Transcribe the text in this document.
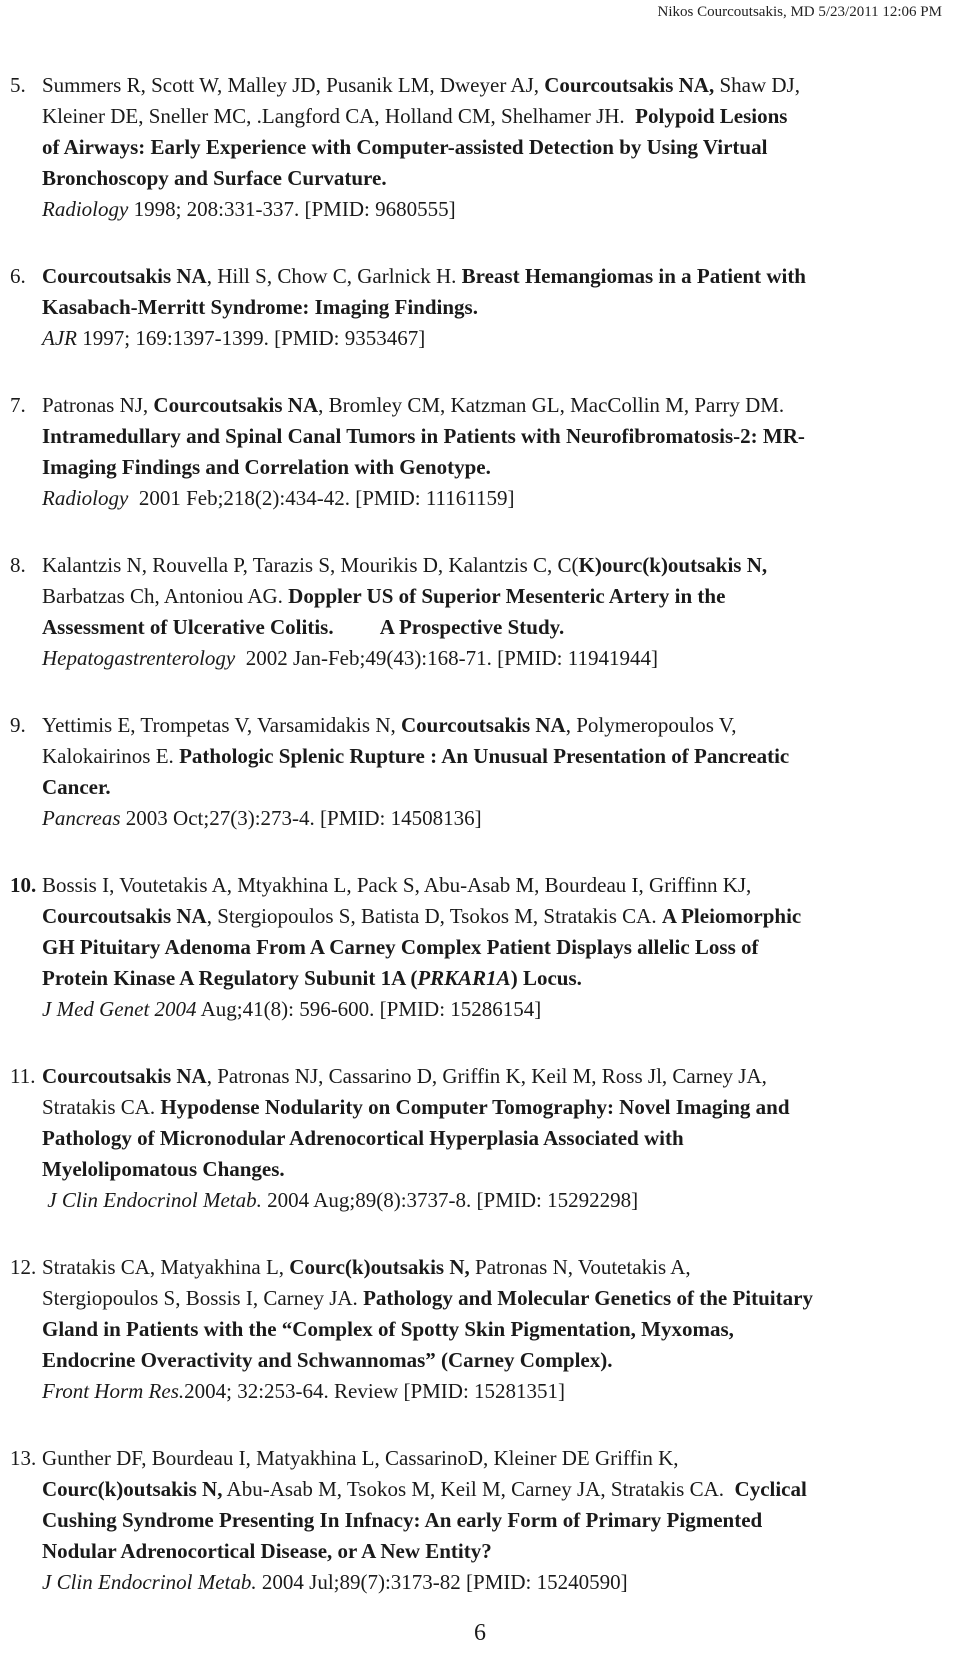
Nikos Courcoutsakis, MD 5/23/2011 12:06 PM
5. Summers R, Scott W, Malley JD, Pusanik LM, Dweyer AJ, Courcoutsakis NA, Shaw DJ,
Kleiner DE, Sneller MC, .Langford CA, Holland CM, Shelhamer JH.  Polypoid Lesions
of Airways: Early Experience with Computer-assisted Detection by Using Virtual
Bronchoscopy and Surface Curvature.
Radiology 1998; 208:331-337. [PMID: 9680555]
6. Courcoutsakis NA, Hill S, Chow C, Garlnick H. Breast Hemangiomas in a Patient with
Kasabach-Merritt Syndrome: Imaging Findings.
AJR 1997; 169:1397-1399. [PMID: 9353467]
7. Patronas NJ, Courcoutsakis NA, Bromley CM, Katzman GL, MacCollin M, Parry DM.
Intramedullary and Spinal Canal Tumors in Patients with Neurofibromatosis-2: MR-
Imaging Findings and Correlation with Genotype.
Radiology  2001 Feb;218(2):434-42. [PMID: 11161159]
8. Kalantzis N, Rouvella P, Tarazis S, Mourikis D, Kalantzis C, C(K)ourc(k)outsakis N,
Barbatzas Ch, Antoniou AG. Doppler US of Superior Mesenteric Artery in the
Assessment of Ulcerative Colitis.         A Prospective Study.
Hepatogastrenterology  2002 Jan-Feb;49(43):168-71. [PMID: 11941944]
9. Yettimis E, Trompetas V, Varsamidakis N, Courcoutsakis NA, Polymeropoulos V,
Kalokairinos E. Pathologic Splenic Rupture : An Unusual Presentation of Pancreatic
Cancer.
Pancreas 2003 Oct;27(3):273-4. [PMID: 14508136]
10. Bossis I, Voutetakis A, Mtyakhina L, Pack S, Abu-Asab M, Bourdeau I, Griffinn KJ,
Courcoutsakis NA, Stergiopoulos S, Batista D, Tsokos M, Stratakis CA. A Pleiomorphic
GH Pituitary Adenoma From A Carney Complex Patient Displays allelic Loss of
Protein Kinase A Regulatory Subunit 1A (PRKAR1A) Locus.
J Med Genet 2004 Aug;41(8): 596-600. [PMID: 15286154]
11. Courcoutsakis NA, Patronas NJ, Cassarino D, Griffin K, Keil M, Ross Jl, Carney JA,
Stratakis CA. Hypodense Nodularity on Computer Tomography: Novel Imaging and
Pathology of Micronodular Adrenocortical Hyperplasia Associated with
Myelolipomatous Changes.
J Clin Endocrinol Metab. 2004 Aug;89(8):3737-8. [PMID: 15292298]
12. Stratakis CA, Matyakhina L, Courc(k)outsakis N, Patronas N, Voutetakis A,
Stergiopoulos S, Bossis I, Carney JA. Pathology and Molecular Genetics of the Pituitary
Gland in Patients with the “Complex of Spotty Skin Pigmentation, Myxomas,
Endocrine Overactivity and Schwannomas” (Carney Complex).
Front Horm Res.2004; 32:253-64. Review [PMID: 15281351]
13. Gunther DF, Bourdeau I, Matyakhina L, CassarinoD, Kleiner DE Griffin K,
Courc(k)outsakis N, Abu-Asab M, Tsokos M, Keil M, Carney JA, Stratakis CA.  Cyclical
Cushing Syndrome Presenting In Infnacy: An early Form of Primary Pigmented
Nodular Adrenocortical Disease, or A New Entity?
J Clin Endocrinol Metab. 2004 Jul;89(7):3173-82 [PMID: 15240590]
6
